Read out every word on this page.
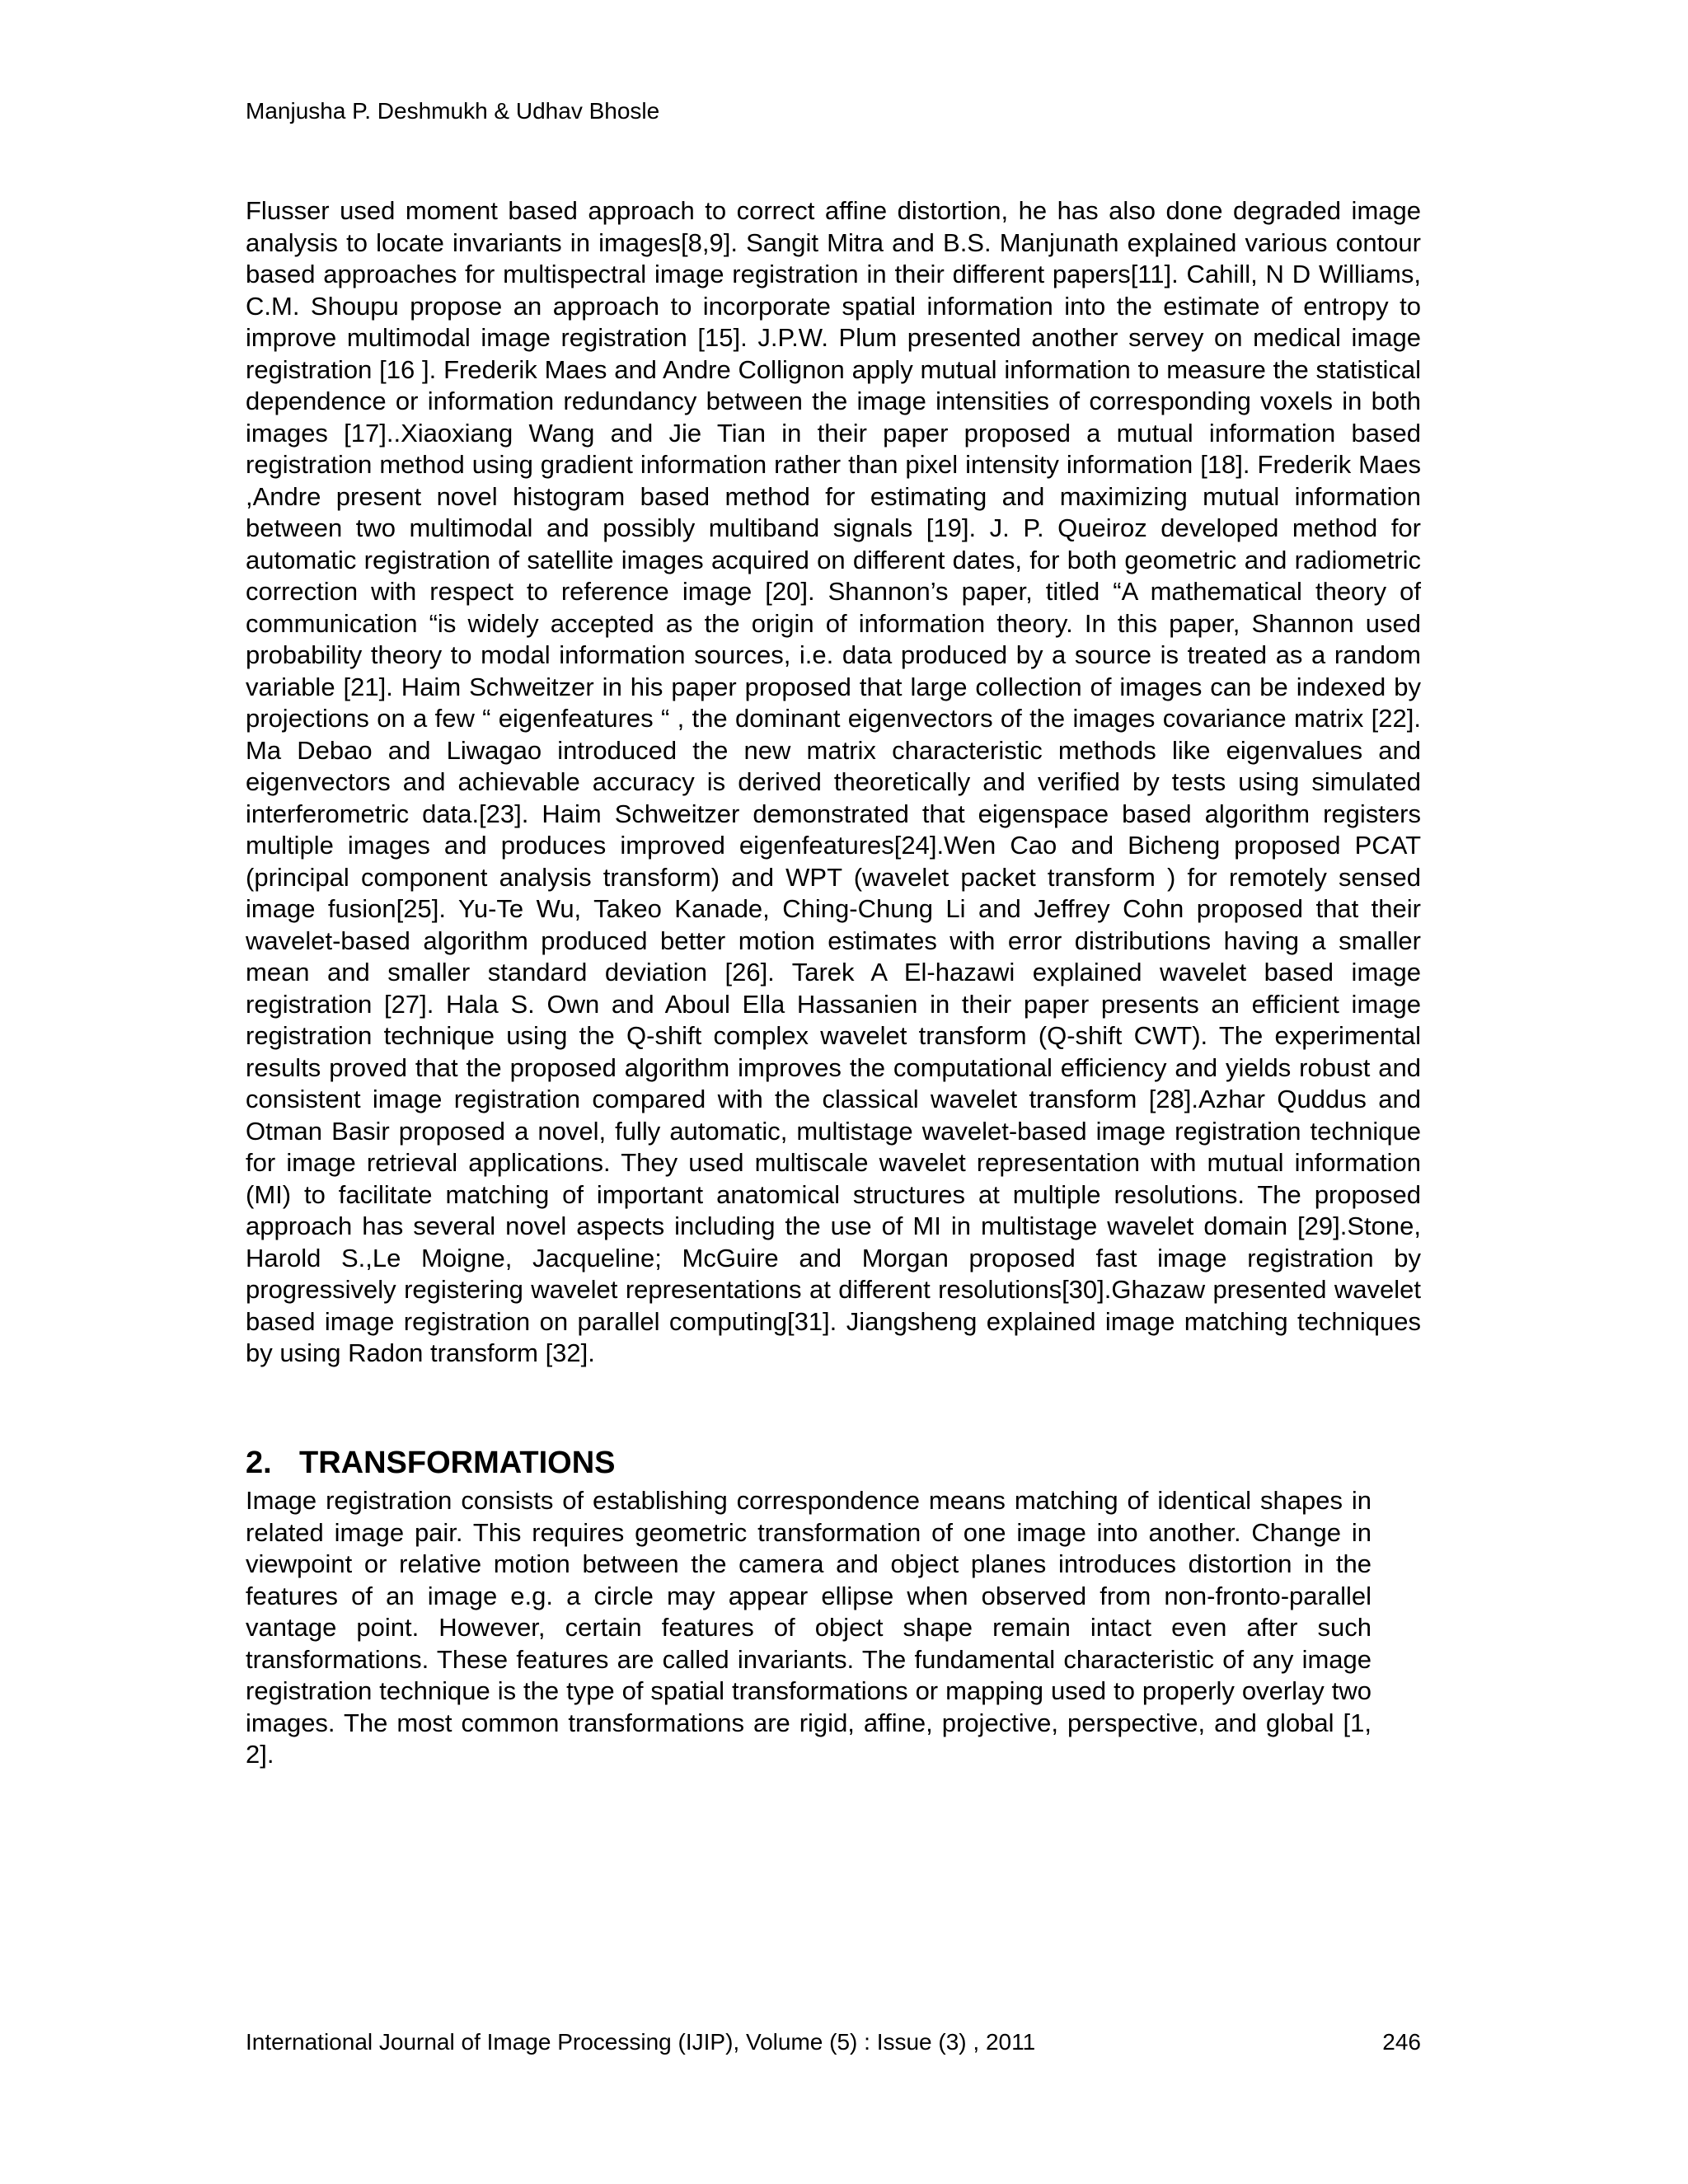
Manjusha P. Deshmukh & Udhav Bhosle

Flusser used moment based approach to correct affine distortion, he has also done degraded image analysis to locate invariants in images[8,9]. Sangit Mitra and B.S. Manjunath explained various contour based approaches for multispectral image registration in their different papers[11]. Cahill, N D Williams, C.M. Shoupu propose an approach to incorporate spatial information into the estimate of entropy to improve multimodal image registration [15]. J.P.W. Plum presented another servey on medical image registration [16 ]. Frederik Maes and Andre Collignon apply mutual information to measure the statistical dependence or information redundancy between the image intensities of corresponding voxels in both images [17]..Xiaoxiang Wang and Jie Tian in their paper proposed a mutual information based registration method using gradient information rather than pixel intensity information [18]. Frederik Maes ,Andre present novel histogram based method for estimating and maximizing mutual information between two multimodal and possibly multiband signals [19]. J. P. Queiroz developed method for automatic registration of satellite images acquired on different dates, for both geometric and radiometric correction with respect to reference image [20]. Shannon’s paper, titled “A mathematical theory of communication “is widely accepted as the origin of information theory. In this paper, Shannon used probability theory to modal information sources, i.e. data produced by a source is treated as a random variable [21]. Haim Schweitzer in his paper proposed that large collection of images can be indexed by projections on a few “ eigenfeatures “ , the dominant eigenvectors of the images covariance matrix [22]. Ma Debao and Liwagao introduced the new matrix characteristic methods like eigenvalues and eigenvectors and achievable accuracy is derived theoretically and verified by tests using simulated interferometric data.[23]. Haim Schweitzer demonstrated that eigenspace based algorithm registers multiple images and produces improved eigenfeatures[24].Wen Cao and Bicheng proposed PCAT (principal component analysis transform) and WPT (wavelet packet transform ) for remotely sensed image fusion[25]. Yu-Te Wu, Takeo Kanade, Ching-Chung Li and Jeffrey Cohn proposed that their wavelet-based algorithm produced better motion estimates with error distributions having a smaller mean and smaller standard deviation [26]. Tarek A El-hazawi explained wavelet based image registration [27]. Hala S. Own and Aboul Ella Hassanien in their paper presents an efficient image registration technique using the Q-shift complex wavelet transform (Q-shift CWT). The experimental results proved that the proposed algorithm improves the computational efficiency and yields robust and consistent image registration compared with the classical wavelet transform [28].Azhar Quddus and Otman Basir proposed a novel, fully automatic, multistage wavelet-based image registration technique for image retrieval applications. They used multiscale wavelet representation with mutual information (MI) to facilitate matching of important anatomical structures at multiple resolutions. The proposed approach has several novel aspects including the use of MI in multistage wavelet domain [29].Stone, Harold S.,Le Moigne, Jacqueline; McGuire and Morgan proposed fast image registration by progressively registering wavelet representations at different resolutions[30].Ghazaw presented wavelet based image registration on parallel computing[31]. Jiangsheng explained image matching techniques by using Radon transform [32].

2. TRANSFORMATIONS

Image registration consists of establishing correspondence means matching of identical shapes in related image pair. This requires geometric transformation of one image into another. Change in viewpoint or relative motion between the camera and object planes introduces distortion in the features of an image e.g. a circle may appear ellipse when observed from non-fronto-parallel vantage point. However, certain features of object shape remain intact even after such transformations. These features are called invariants. The fundamental characteristic of any image registration technique is the type of spatial transformations or mapping used to properly overlay two images. The most common transformations are rigid, affine, projective, perspective, and global [1, 2].

International Journal of Image Processing (IJIP), Volume (5) : Issue (3) , 2011	246
